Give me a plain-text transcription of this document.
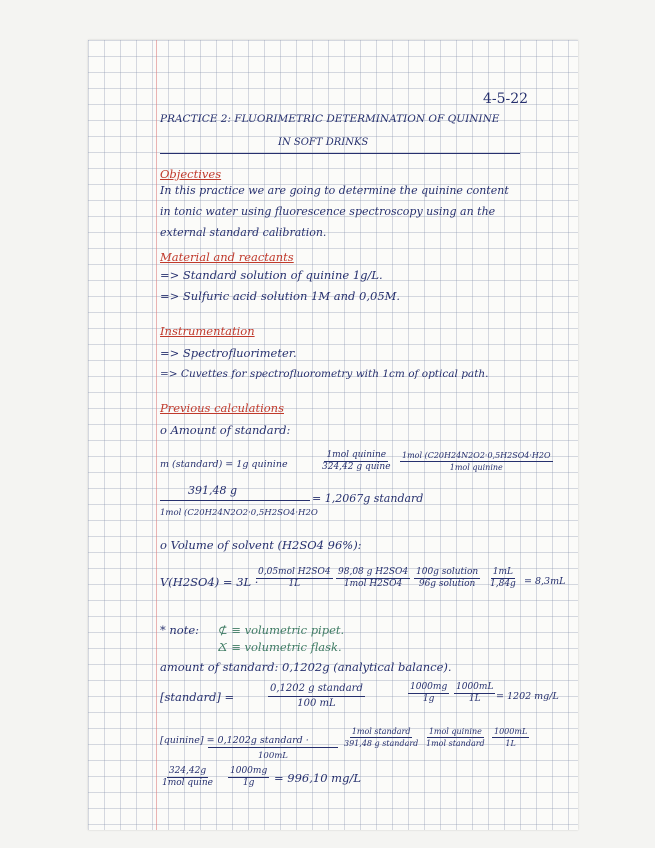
4-5-22
PRACTICE 2: FLUORIMETRIC DETERMINATION OF QUININE
IN SOFT DRINKS
Objectives
In this practice we are going to determine the quinine content
in tonic water using fluorescence spectroscopy using an the
external standard calibration.
Material and reactants
=> Standard solution of quinine 1g/L.
=> Sulfuric acid solution 1M and 0,05M.
Instrumentation
=> Spectrofluorimeter.
=> Cuvettes for spectrofluorometry with 1cm of optical path.
Previous calculations
o Amount of standard:
m (standard) = 1g quinine
1mol quinine
324,42 g quine
1mol (C20H24N2O2·0,5H2SO4·H2O
1mol quinine
391,48 g
= 1,2067g standard
1mol (C20H24N2O2·0,5H2SO4·H2O
o Volume of solvent (H2SO4 96%):
V(H2SO4) = 3L ·
0,05mol H2SO4
1L
98,08 g H2SO4
1mol H2SO4
100g solution
96g solution $\frac{1mL}{1,84g} = 8,3mL$
* note: ⊄ ≡ volumetric pipet.
Ճ ≡ volumetric flask.
amount of standard: 0,1202g (analytical balance).
[standard] =
0,1202 g standard
100 mL	$\frac{1000mg}{1g} \frac{1000mL}{1L} = 1202$ mg/L
[quinine] = 0,1202g standard ·
1mol standard
391,48 g standard
1mol quinine
1mol standard $\frac{1000mL}{1L}$
100mL
324,42g
1mol quine $\frac{1000mg}{1g} = 996,10$ mg/L
